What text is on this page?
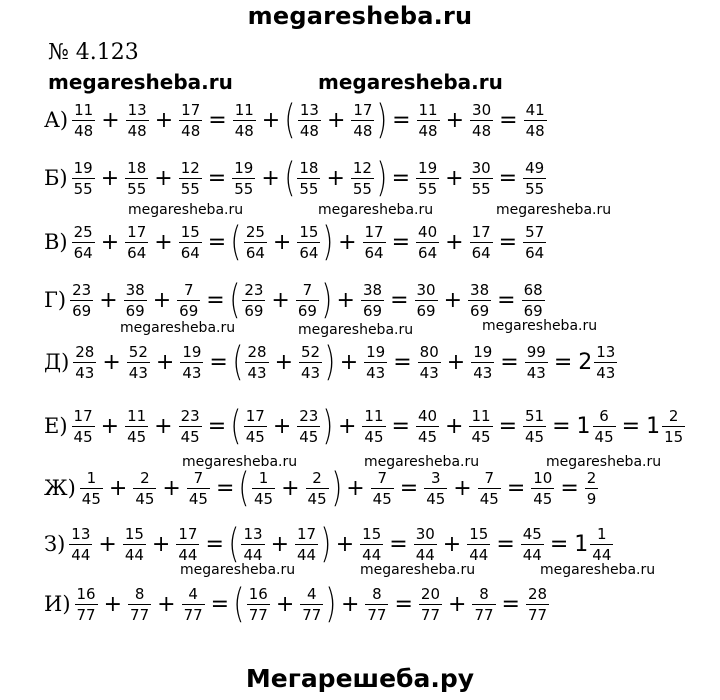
megaresheba.ru
№ 4.123
megaresheba.ru	megaresheba.ru
megaresheba.ru	megaresheba.ru	megaresheba.ru
megaresheba.ru	megaresheba.ru	megaresheba.ru
megaresheba.ru	megaresheba.ru	megaresheba.ru
megaresheba.ru	megaresheba.ru	megaresheba.ru
$А) \frac{11}{48} + \frac{13}{48} + \frac{17}{48} = \frac{11}{48}$ + ( $\frac{13}{48} + \frac{17}{48}$ ) = $\frac{11}{48} + \frac{30}{48} = \frac{41}{48}$
$Б) \frac{19}{55} + \frac{18}{55} + \frac{12}{55} = \frac{19}{55}$ + ( $\frac{18}{55} + \frac{12}{55}$ ) = $\frac{19}{55} + \frac{30}{55} = \frac{49}{55}$
$В) \frac{25}{64} + \frac{17}{64} + \frac{15}{64}$ = ( $\frac{25}{64} + \frac{15}{64}$ ) + $\frac{17}{64} = \frac{40}{64} + \frac{17}{64} = \frac{57}{64}$
$Г) \frac{23}{69} + \frac{38}{69} + \frac{7}{69}$ = ( $\frac{23}{69} + \frac{7}{69}$ ) + $\frac{38}{69} = \frac{30}{69} + \frac{38}{69} = \frac{68}{69}$
$Д) \frac{28}{43} + \frac{52}{43} + \frac{19}{43}$ = ( $\frac{28}{43} + \frac{52}{43}$ ) + $\frac{19}{43} = \frac{80}{43} + \frac{19}{43} = \frac{99}{43} = 2 \frac{13}{43}$
$Е) \frac{17}{45} + \frac{11}{45} + \frac{23}{45}$ = ( $\frac{17}{45} + \frac{23}{45}$ ) + $\frac{11}{45} = \frac{40}{45} + \frac{11}{45} = \frac{51}{45} = 1 \frac{6}{45} = 1 \frac{2}{15}$
$Ж) \frac{1}{45} + \frac{2}{45} + \frac{7}{45}$ = ( $\frac{1}{45} + \frac{2}{45}$ ) + $\frac{7}{45} = \frac{3}{45} + \frac{7}{45} = \frac{10}{45} = \frac{2}{9}$
$З) \frac{13}{44} + \frac{15}{44} + \frac{17}{44}$ = ( $\frac{13}{44} + \frac{17}{44}$ ) + $\frac{15}{44} = \frac{30}{44} + \frac{15}{44} = \frac{45}{44} = 1 \frac{1}{44}$
$И) \frac{16}{77} + \frac{8}{77} + \frac{4}{77}$ = ( $\frac{16}{77} + \frac{4}{77}$ ) + $\frac{8}{77} = \frac{20}{77} + \frac{8}{77} = \frac{28}{77}$
Мегарешеба.ру
